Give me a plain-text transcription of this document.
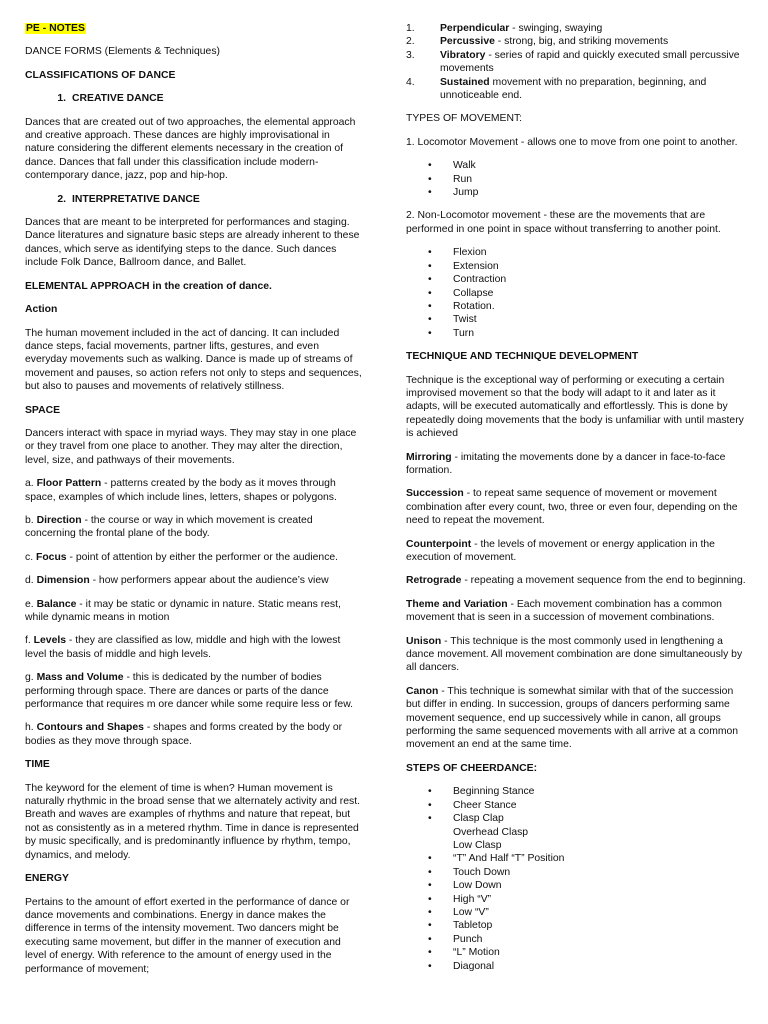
PE - NOTES

DANCE FORMS (Elements & Techniques)

CLASSIFICATIONS OF DANCE

1. CREATIVE DANCE

Dances that are created out of two approaches, the elemental approach and creative approach. These dances are highly improvisational in nature considering the different elements necessary in the creation of dance. Dances that fall under this classification include modern-contemporary dance, jazz, pop and hip-hop.

2. INTERPRETATIVE DANCE

Dances that are meant to be interpreted for performances and staging. Dance literatures and signature basic steps are already inherent to these dances, which serve as identifying steps to the dance. Such dances include Folk Dance, Ballroom dance, and Ballet.

ELEMENTAL APPROACH in the creation of dance.

Action

The human movement included in the act of dancing. It can included dance steps, facial movements, partner lifts, gestures, and even everyday movements such as walking. Dance is made up of streams of movement and pauses, so action refers not only to steps and sequences, but also to pauses and movements of relatively stillness.

SPACE

Dancers interact with space in myriad ways. They may stay in one place or they travel from one place to another. They may alter the direction, level, size, and pathways of their movements.

a. Floor Pattern - patterns created by the body as it moves through space, examples of which include lines, letters, shapes or polygons.

b. Direction - the course or way in which movement is created concerning the frontal plane of the body.

c. Focus - point of attention by either the performer or the audience.

d. Dimension - how performers appear about the audience’s view

e. Balance - it may be static or dynamic in nature. Static means rest, while dynamic means in motion

f. Levels - they are classified as low, middle and high with the lowest level the basis of middle and high levels.

g. Mass and Volume - this is dedicated by the number of bodies performing through space. There are dances or parts of the dance performance that requires m ore dancer while some require less or few.

h. Contours and Shapes - shapes and forms created by the body or bodies as they move through space.

TIME

The keyword for the element of time is when? Human movement is naturally rhythmic in the broad sense that we alternately activity and rest. Breath and waves are examples of rhythms and nature that repeat, but not as consistently as in a metered rhythm. Time in dance is represented by music specifically, and is predominantly influence by rhythm, tempo, dynamics, and melody.

ENERGY

Pertains to the amount of effort exerted in the performance of dance or dance movements and combinations. Energy in dance makes the difference in terms of the intensity movement. Two dancers might be executing same movement, but differ in the manner of execution and level of energy. With reference to the amount of energy used in the performance of movement;

1.	Perpendicular - swinging, swaying
2.	Percussive - strong, big, and striking movements
3.	Vibratory - series of rapid and quickly executed small percussive movements
4.	Sustained movement with no preparation, beginning, and unnoticeable end.

TYPES OF MOVEMENT:

1. Locomotor Movement - allows one to move from one point to another.

•	Walk
•	Run
•	Jump

2. Non-Locomotor movement - these are the movements that are performed in one point in space without transferring to another point.

•	Flexion
•	Extension
•	Contraction
•	Collapse
•	Rotation.
•	Twist
•	Turn

TECHNIQUE AND TECHNIQUE DEVELOPMENT

Technique is the exceptional way of performing or executing a certain improvised movement so that the body will adapt to it and later as it adapts, will be executed automatically and effortlessly. This is done by repeatedly doing movements that the body is unfamiliar with until mastery is achieved

Mirroring - imitating the movements done by a dancer in face-to-face formation.

Succession - to repeat same sequence of movement or movement combination after every count, two, three or even four, depending on the need to repeat the movement.

Counterpoint - the levels of movement or energy application in the execution of movement.

Retrograde - repeating a movement sequence from the end to beginning.

Theme and Variation - Each movement combination has a common movement that is seen in a succession of movement combinations.

Unison - This technique is the most commonly used in lengthening a dance movement. All movement combination are done simultaneously by all dancers.

Canon - This technique is somewhat similar with that of the succession but differ in ending. In succession, groups of dancers performing same movement sequence, end up successively while in canon, all groups performing the same sequenced movements with all arrive at a common movement an end at the same time.

STEPS OF CHEERDANCE:

•	Beginning Stance
•	Cheer Stance
•	Clasp Clap
Overhead Clasp
Low Clasp
•	“T” And Half “T” Position
•	Touch Down
•	Low Down
•	High “V”
•	Low “V”
•	Tabletop
•	Punch
•	“L” Motion
•	Diagonal
